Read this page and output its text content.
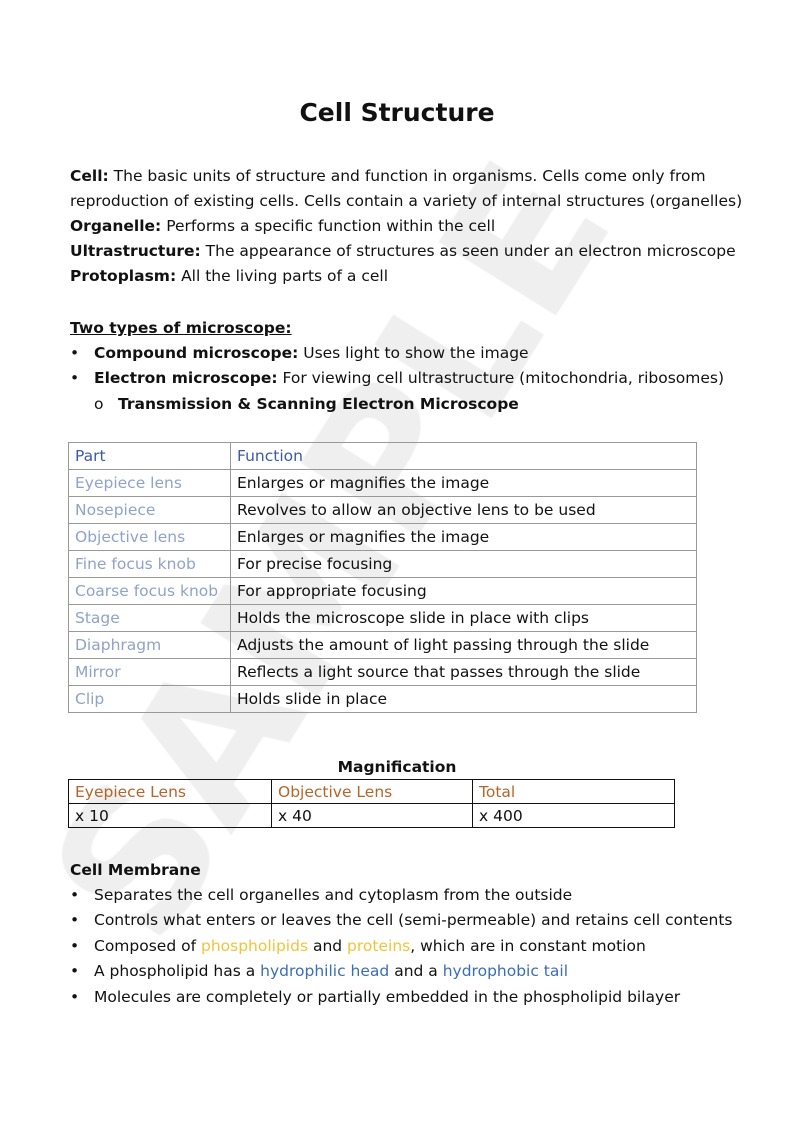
Cell Structure
Cell: The basic units of structure and function in organisms. Cells come only from
reproduction of existing cells. Cells contain a variety of internal structures (organelles)
Organelle: Performs a specific function within the cell
Ultrastructure: The appearance of structures as seen under an electron microscope
Protoplasm: All the living parts of a cell
Two types of microscope:
• Compound microscope: Uses light to show the image
• Electron microscope: For viewing cell ultrastructure (mitochondria, ribosomes)
o Transmission & Scanning Electron Microscope
Part	Function
Eyepiece lens	Enlarges or magnifies the image
Nosepiece	Revolves to allow an objective lens to be used
Objective lens	Enlarges or magnifies the image
Fine focus knob	For precise focusing
Coarse focus knob	For appropriate focusing
Stage	Holds the microscope slide in place with clips
Diaphragm	Adjusts the amount of light passing through the slide
Mirror	Reflects a light source that passes through the slide
Clip	Holds slide in place
Magnification
Eyepiece Lens	Objective Lens	Total
x 10	x 40	x 400
Cell Membrane
• Separates the cell organelles and cytoplasm from the outside
• Controls what enters or leaves the cell (semi-permeable) and retains cell contents
• Composed of phospholipids and proteins, which are in constant motion
• A phospholipid has a hydrophilic head and a hydrophobic tail
• Molecules are completely or partially embedded in the phospholipid bilayer
